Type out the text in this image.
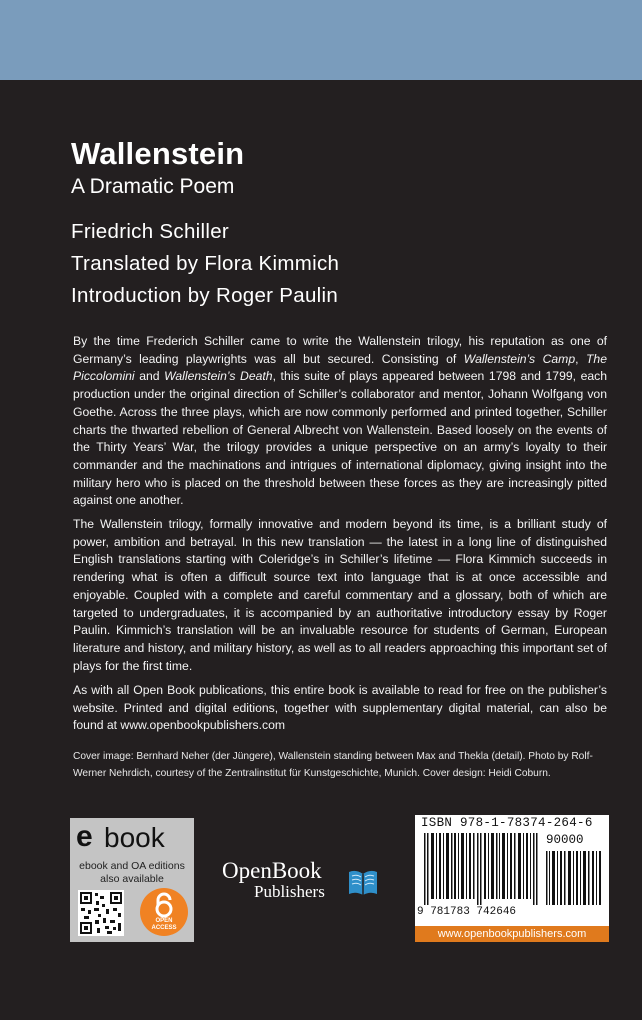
Wallenstein
A Dramatic Poem
Friedrich Schiller
Translated by Flora Kimmich
Introduction by Roger Paulin
By the time Frederich Schiller came to write the Wallenstein trilogy, his reputation as one of Germany’s leading playwrights was all but secured. Consisting of Wallenstein’s Camp, The Piccolomini and Wallenstein’s Death, this suite of plays appeared between 1798 and 1799, each production under the original direction of Schiller’s collaborator and mentor, Johann Wolfgang von Goethe. Across the three plays, which are now commonly performed and printed together, Schiller charts the thwarted rebellion of General Albrecht von Wallenstein. Based loosely on the events of the Thirty Years’ War, the trilogy provides a unique perspective on an army’s loyalty to their commander and the machinations and intrigues of international diplomacy, giving insight into the military hero who is placed on the threshold between these forces as they are increasingly pitted against one another.
The Wallenstein trilogy, formally innovative and modern beyond its time, is a brilliant study of power, ambition and betrayal. In this new translation — the latest in a long line of distinguished English translations starting with Coleridge’s in Schiller’s lifetime — Flora Kimmich succeeds in rendering what is often a difficult source text into language that is at once accessible and enjoyable. Coupled with a complete and careful commentary and a glossary, both of which are targeted to undergraduates, it is accompanied by an authoritative introductory essay by Roger Paulin. Kimmich’s translation will be an invaluable resource for students of German, European literature and history, and military history, as well as to all readers approaching this important set of plays for the first time.
As with all Open Book publications, this entire book is available to read for free on the publisher’s website. Printed and digital editions, together with supplementary digital material, can also be found at www.openbookpublishers.com
Cover image: Bernhard Neher (der Jüngere), Wallenstein standing between Max and Thekla (detail). Photo by Rolf-Werner Nehrdich, courtesy of the Zentralinstitut für Kunstgeschichte, Munich. Cover design: Heidi Coburn.
e book
ebook and OA editions
also available
OPEN
ACCESS
OpenBook
Publishers
ISBN 978-1-78374-264-6
90000
9 781783 742646
www.openbookpublishers.com
